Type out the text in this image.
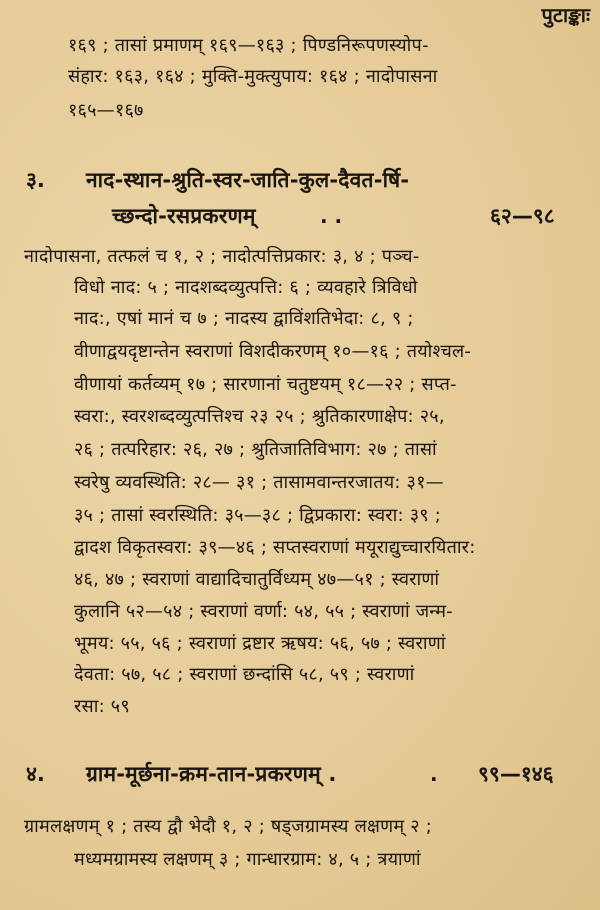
पुटाङ्काः
१६९ ; तासां प्रमाणम् १६९—१६३ ; पिण्डनिरूपणस्योप-
संहार: १६३, १६४ ; मुक्ति-मुक्त्युपाय: १६४ ; नादोपासना
१६५—१६७
३. नाद-स्थान-श्रुति-स्वर-जाति-कुल-दैवत-र्षि-
च्छन्दो-रसप्रकरणम्	. .	६२—९८
नादोपासना, तत्फलं च १, २ ; नादोत्पत्तिप्रकार: ३, ४ ; पञ्च-
विधो नाद: ५ ; नादशब्दव्युत्पत्ति: ६ ; व्यवहारे त्रिविधो
नाद:, एषां मानं च ७ ; नादस्य द्वाविंशतिभेदा: ८, ९ ;
वीणाद्वयदृष्टान्तेन स्वराणां विशदीकरणम् १०—१६ ; तयोश्चल-
वीणायां कर्तव्यम् १७ ; सारणानां चतुष्टयम् १८—२२ ; सप्त-
स्वरा:, स्वरशब्दव्युत्पत्तिश्च २३ २५ ; श्रुतिकारणाक्षेप: २५,
२६ ; तत्परिहार: २६, २७ ; श्रुतिजातिविभाग: २७ ; तासां
स्वरेषु व्यवस्थिति: २८— ३१ ; तासामवान्तरजातय: ३१—
३५ ; तासां स्वरस्थिति: ३५—३८ ; द्विप्रकारा: स्वरा: ३९ ;
द्वादश विकृतस्वरा: ३९—४६ ; सप्तस्वराणां मयूराद्युच्चारयितार:
४६, ४७ ; स्वराणां वाद्यादिचातुर्विध्यम् ४७—५१ ; स्वराणां
कुलानि ५२—५४ ; स्वराणां वर्णा: ५४, ५५ ; स्वराणां जन्म-
भूमय: ५५, ५६ ; स्वराणां द्रष्टार ऋषय: ५६, ५७ ; स्वराणां
देवता: ५७, ५८ ; स्वराणां छन्दांसि ५८, ५९ ; स्वराणां
रसा: ५९
४. ग्राम-मूर्छना-क्रम-तान-प्रकरणम् .	. ९९—१४६
ग्रामलक्षणम् १ ; तस्य द्वौ भेदौ १, २ ; षड्जग्रामस्य लक्षणम् २ ;
मध्यमग्रामस्य लक्षणम् ३ ; गान्धारग्राम: ४, ५ ; त्रयाणां
